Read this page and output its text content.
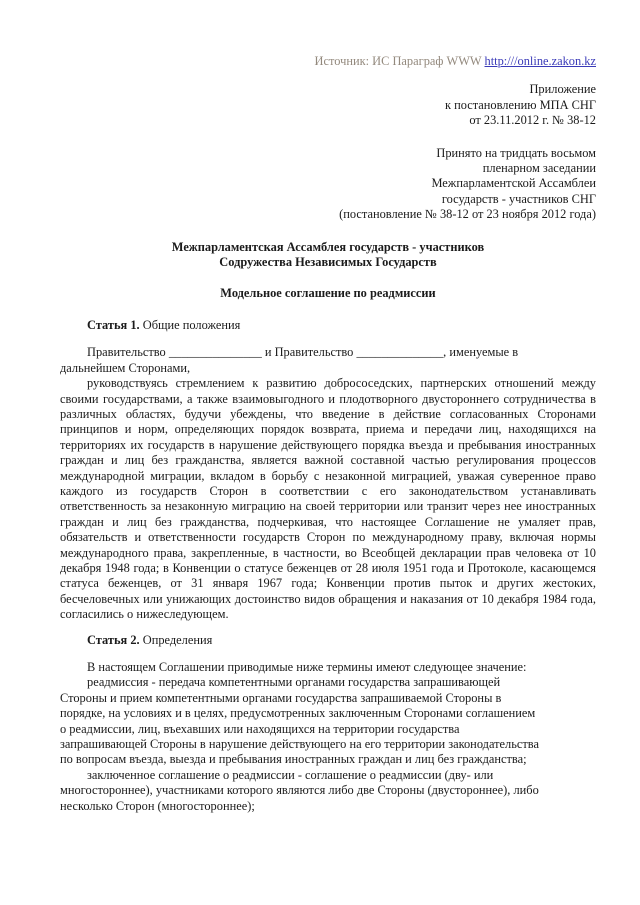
Источник: ИС Параграф WWW http:///online.zakon.kz
Приложение
к постановлению МПА СНГ
от 23.11.2012 г. № 38-12
Принято на тридцать восьмом
пленарном заседании
Межпарламентской Ассамблеи
государств - участников СНГ
(постановление № 38-12 от 23 ноября 2012 года)
Межпарламентская Ассамблея государств - участников
Содружества Независимых Государств
Модельное соглашение по реадмиссии
Статья 1. Общие положения
Правительство _______________ и Правительство ______________, именуемые в
дальнейшем Сторонами,

руководствуясь стремлением к развитию добрососедских, партнерских отношений между своими государствами, а также взаимовыгодного и плодотворного двустороннего сотрудничества в различных областях, будучи убеждены, что введение в действие согласованных Сторонами принципов и норм, определяющих порядок возврата, приема и передачи лиц, находящихся на территориях их государств в нарушение действующего порядка въезда и пребывания иностранных граждан и лиц без гражданства, является важной составной частью регулирования процессов международной миграции, вкладом в борьбу с незаконной миграцией, уважая суверенное право каждого из государств Сторон в соответствии с его законодательством устанавливать ответственность за незаконную миграцию на своей территории или транзит через нее иностранных граждан и лиц без гражданства, подчеркивая, что настоящее Соглашение не умаляет прав, обязательств и ответственности государств Сторон по международному праву, включая нормы международного права, закрепленные, в частности, во Всеобщей декларации прав человека от 10 декабря 1948 года; в Конвенции о статусе беженцев от 28 июля 1951 года и Протоколе, касающемся статуса беженцев, от 31 января 1967 года; Конвенции против пыток и других жестоких, бесчеловечных или унижающих достоинство видов обращения и наказания от 10 декабря 1984 года, согласились о нижеследующем.

Статья 2. Определения
В настоящем Соглашении приводимые ниже термины имеют следующее значение:
реадмиссия - передача компетентными органами государства запрашивающей
Стороны и прием компетентными органами государства запрашиваемой Стороны в
порядке, на условиях и в целях, предусмотренных заключенным Сторонами соглашением
о реадмиссии, лиц, въехавших или находящихся на территории государства
запрашивающей Стороны в нарушение действующего на его территории законодательства
по вопросам въезда, выезда и пребывания иностранных граждан и лиц без гражданства;
заключенное соглашение о реадмиссии - соглашение о реадмиссии (дву- или
многостороннее), участниками которого являются либо две Стороны (двустороннее), либо
несколько Сторон (многостороннее);
